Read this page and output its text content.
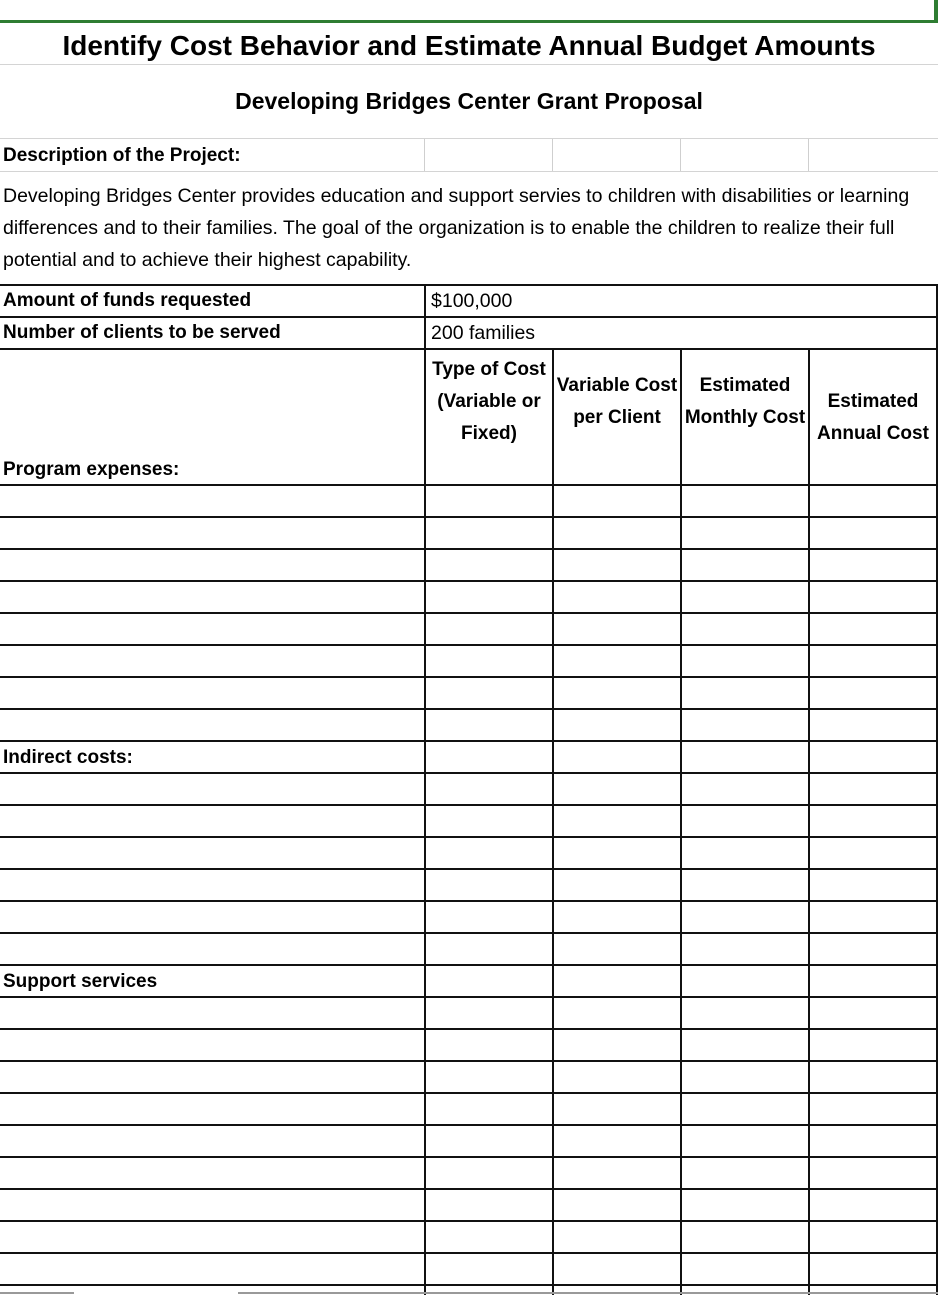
Identify Cost Behavior and Estimate Annual Budget Amounts
Developing Bridges Center Grant Proposal
Description of the Project:
Developing Bridges Center provides education and support servies to children with disabilities or learning differences and to their families. The goal of the organization is to enable the children to realize their full potential and to achieve their highest capability.
Amount of funds requested	$100,000
Number of clients to be served	200 families
Type of Cost (Variable or Fixed)
Variable Cost per Client
Estimated Monthly Cost
Estimated Annual Cost
Program expenses:
Indirect costs:
Support services
